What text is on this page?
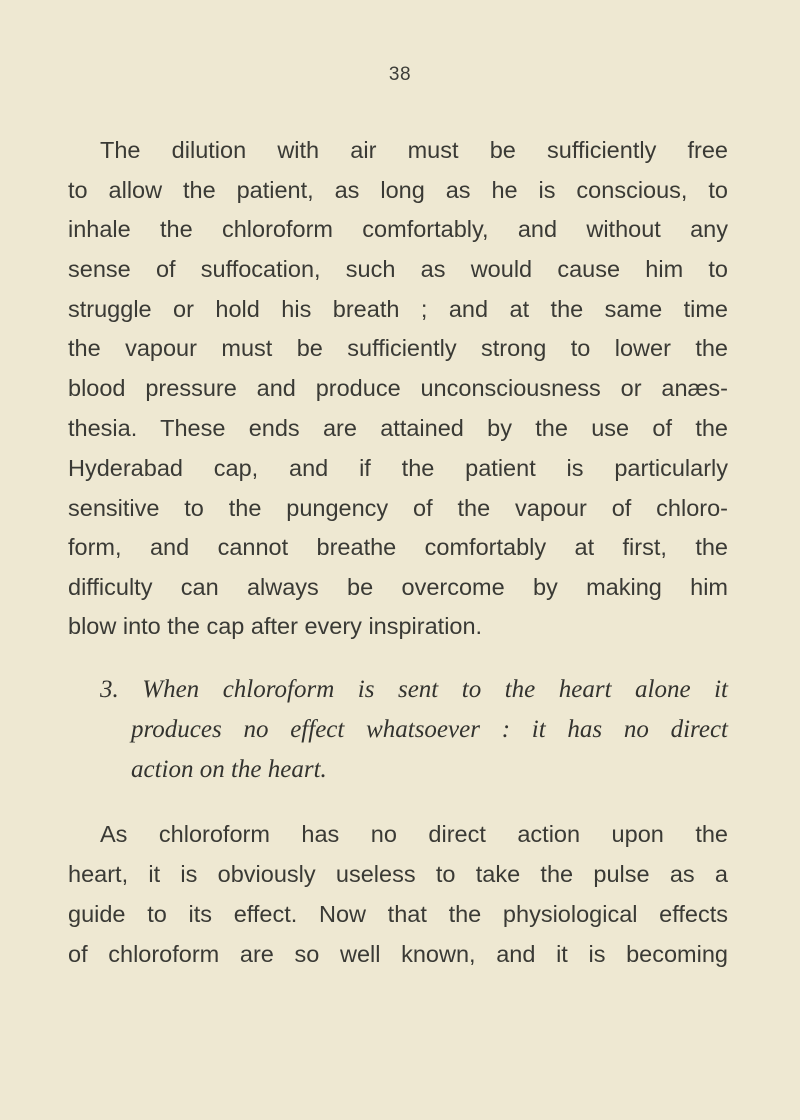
38

The dilution with air must be sufficiently free

to allow the patient, as long as he is conscious, to

inhale the chloroform comfortably, and without any

sense of suffocation, such as would cause him to

struggle or hold his breath ; and at the same time

the vapour must be sufficiently strong to lower the

blood pressure and produce unconsciousness or anæs-

thesia. These ends are attained by the use of the

Hyderabad cap, and if the patient is particularly

sensitive to the pungency of the vapour of chloro-

form, and cannot breathe comfortably at first, the

difficulty can always be overcome by making him

blow into the cap after every inspiration.

3. When chloroform is sent to the heart alone it

produces no effect whatsoever : it has no direct

action on the heart.

As chloroform has no direct action upon the

heart, it is obviously useless to take the pulse as a

guide to its effect. Now that the physiological effects

of chloroform are so well known, and it is becoming
